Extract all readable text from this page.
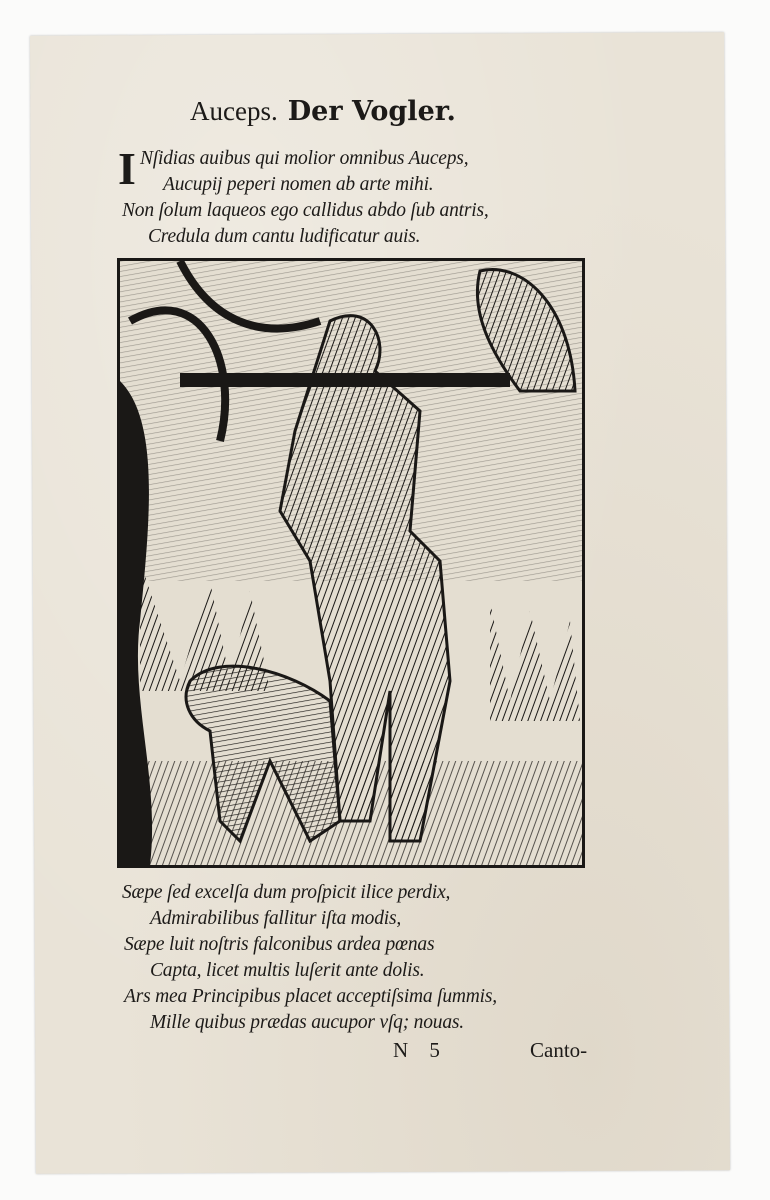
Auceps. Der Vogler.
I Nſidias auibus qui molior omnibus Auceps,
Aucupij peperi nomen ab arte mihi.
Non ſolum laqueos ego callidus abdo ſub antris,
Credula dum cantu ludificatur auis.
Sæpe ſed excelſa dum proſpicit ilice perdix,
Admirabilibus fallitur iſta modis,
Sæpe luit noſtris falconibus ardea pœnas
Capta, licet multis luſerit ante dolis.
Ars mea Principibus placet acceptiſsima ſummis,
Mille quibus prædas aucupor vſq; nouas.
N 5	Canto-
